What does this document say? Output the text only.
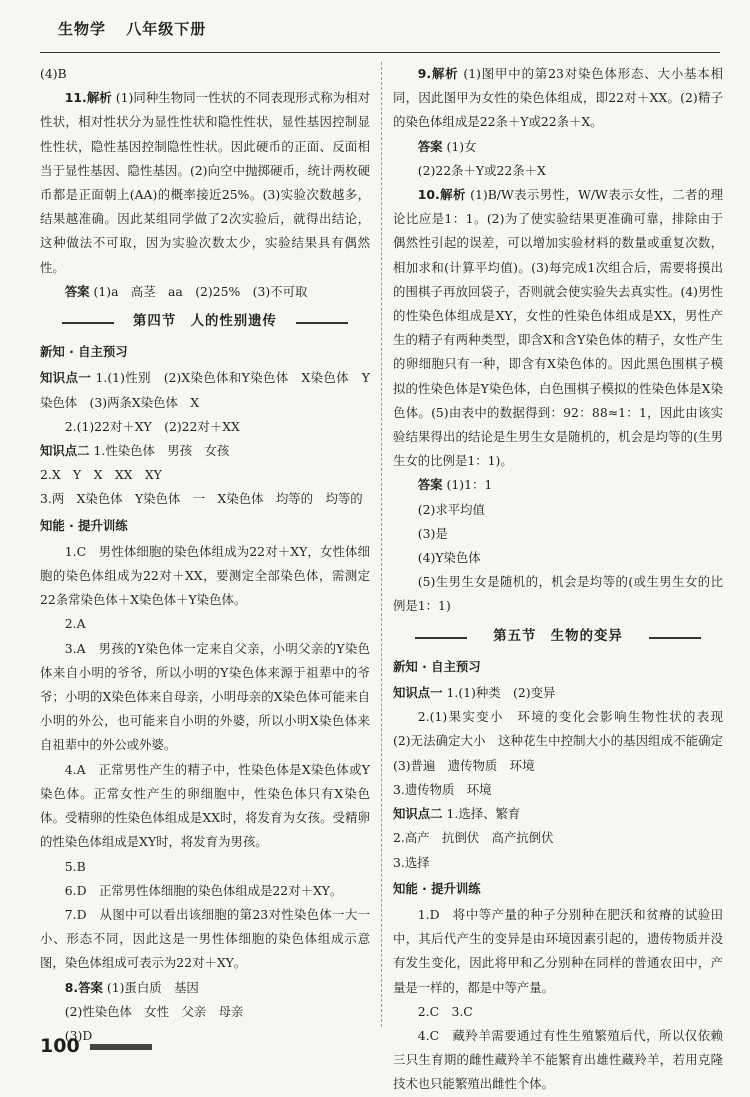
生物学 八年级下册

(4)B

11.解析 (1)同种生物同一性状的不同表现形式称为相对性状，相对性状分为显性性状和隐性性状，显性基因控制显性性状，隐性基因控制隐性性状。因此硬币的正面、反面相当于显性基因、隐性基因。(2)向空中抛掷硬币，统计两枚硬币都是正面朝上(AA)的概率接近25%。(3)实验次数越多，结果越准确。因此某组同学做了2次实验后，就得出结论，这种做法不可取，因为实验次数太少，实验结果具有偶然性。

答案 (1)a　高茎　aa　(2)25%　(3)不可取

第四节　人的性别遗传
新知 · 自主预习

知识点一 1.(1)性别　(2)X染色体和Y染色体　X染色体　Y染色体　(3)两条X染色体　X

2.(1)22对＋XY　(2)22对＋XX

知识点二 1.性染色体　男孩　女孩

2.X　Y　X　XX　XY

3.两　X染色体　Y染色体　一　X染色体　均等的　均等的

知能 · 提升训练

1.C　男性体细胞的染色体组成为22对＋XY，女性体细胞的染色体组成为22对＋XX，要测定全部染色体，需测定22条常染色体＋X染色体＋Y染色体。

2.A

3.A　男孩的Y染色体一定来自父亲，小明父亲的Y染色体来自小明的爷爷，所以小明的Y染色体来源于祖辈中的爷爷；小明的X染色体来自母亲，小明母亲的X染色体可能来自小明的外公，也可能来自小明的外婆，所以小明X染色体来自祖辈中的外公或外婆。

4.A　正常男性产生的精子中，性染色体是X染色体或Y染色体。正常女性产生的卵细胞中，性染色体只有X染色体。受精卵的性染色体组成是XX时，将发育为女孩。受精卵的性染色体组成是XY时，将发育为男孩。

5.B

6.D　正常男性体细胞的染色体组成是22对＋XY。

7.D　从图中可以看出该细胞的第23对性染色体一大一小、形态不同，因此这是一男性体细胞的染色体组成示意图，染色体组成可表示为22对＋XY。

8.答案 (1)蛋白质　基因

(2)性染色体　女性　父亲　母亲

(3)D

9.解析 (1)图甲中的第23对染色体形态、大小基本相同，因此图甲为女性的染色体组成，即22对＋XX。(2)精子的染色体组成是22条＋Y或22条＋X。

答案 (1)女

(2)22条＋Y或22条＋X

10.解析 (1)B/W表示男性，W/W表示女性，二者的理论比应是1：1。(2)为了使实验结果更准确可靠，排除由于偶然性引起的误差，可以增加实验材料的数量或重复次数，相加求和(计算平均值)。(3)每完成1次组合后，需要将摸出的围棋子再放回袋子，否则就会使实验失去真实性。(4)男性的性染色体组成是XY，女性的性染色体组成是XX，男性产生的精子有两种类型，即含X和含Y染色体的精子，女性产生的卵细胞只有一种，即含有X染色体的。因此黑色围棋子模拟的性染色体是Y染色体，白色围棋子模拟的性染色体是X染色体。(5)由表中的数据得到：92：88≈1：1，因此由该实验结果得出的结论是生男生女是随机的，机会是均等的(生男生女的比例是1：1)。

答案 (1)1：1

(2)求平均值

(3)是

(4)Y染色体

(5)生男生女是随机的，机会是均等的(或生男生女的比例是1：1)

第五节　生物的变异
新知 · 自主预习

知识点一 1.(1)种类　(2)变异

2.(1)果实变小　环境的变化会影响生物性状的表现　(2)无法确定大小　这种花生中控制大小的基因组成不能确定　(3)普遍　遗传物质　环境

3.遗传物质　环境

知识点二 1.选择、繁育

2.高产　抗倒伏　高产抗倒伏

3.选择

知能 · 提升训练

1.D　将中等产量的种子分别种在肥沃和贫瘠的试验田中，其后代产生的变异是由环境因素引起的，遗传物质并没有发生变化，因此将甲和乙分别种在同样的普通农田中，产量是一样的，都是中等产量。

2.C　3.C

4.C　藏羚羊需要通过有性生殖繁殖后代，所以仅依赖三只生育期的雌性藏羚羊不能繁育出雄性藏羚羊，若用克隆技术也只能繁殖出雌性个体。

100
